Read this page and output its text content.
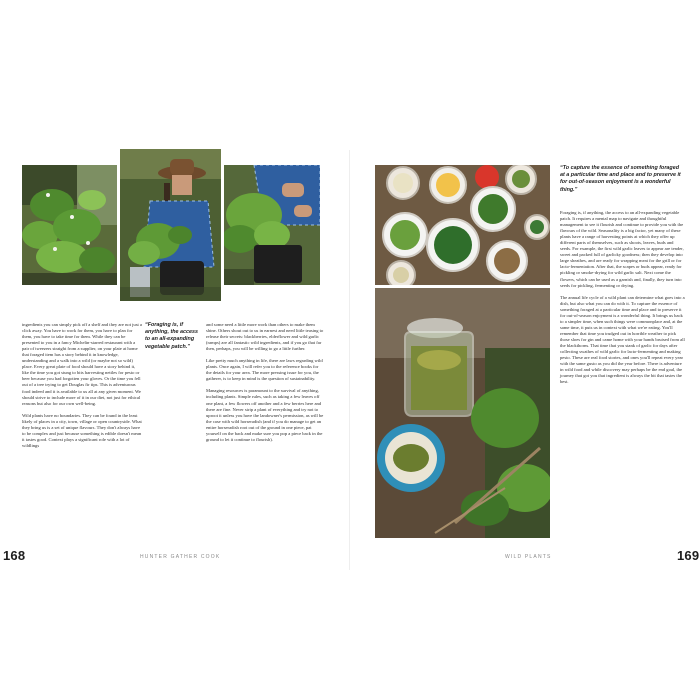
ingredients you can simply pick off a shelf and they are not just a click away. You have to work for them, you have to plan for them, you have to take time for them. While they can be presented to you in a fancy Michelin-starred restaurant with a pair of tweezers straight from a supplier, on your plate at home that foraged item has a story behind it in knowledge, understanding and a walk into a wild (or maybe not so wild) place. Every great plate of food should have a story behind it, like the time you got stung to bits harvesting nettles for pesto or beer because you had forgotten your gloves. Or the time you fell out of a tree trying to get Douglas fir tips. This is adventurous food indeed and it is available to us all at any given moment. We should strive to include more of it in our diet, not just for ethical reasons but also for our own well-being.

Wild plants have no boundaries. They can be found in the least likely of places in a city, town, village or open countryside. What they bring us is a set of unique flavours. They don't always have to be complex and just because something is edible doesn't mean it tastes good. Context plays a significant role with a lot of wildlings

“Foraging is, if anything, the access to an all-expanding vegetable patch.”

and some need a little more work than others to make them shine. Others shout out to us in earnest and need little teasing to release their secrets: blackberries, elderflower and wild garlic (ramps) are all fantastic wild ingredients, and if you go that far then, perhaps, you will be willing to go a little further.

Like pretty much anything in life, there are laws regarding wild plants. Once again, I will refer you to the reference books for the details for your area. The more pressing issue for you, the gatherer, is to keep in mind is the question of sustainability.

Managing resources is paramount to the survival of anything, including plants. Simple rules, such as taking a few leaves off one plant, a few flowers off another and a few berries here and there are fine. Never strip a plant of everything and try not to uproot it unless you have the landowner's permission, as will be the case with wild horseradish (and if you do manage to get an entire horseradish root out of the ground in one piece, pat yourself on the back and make sure you pop a piece back in the ground to let it continue to flourish).

168	HUNTER GATHER COOK
“To capture the essence of something foraged at a particular time and place and to preserve it for out-of-season enjoyment is a wonderful thing.”

Foraging is, if anything, the access to an all-expanding vegetable patch. It requires a mental map to navigate and thoughtful management to see it flourish and continue to provide you with the flavours of the wild. Seasonality is a big factor, yet many of these plants have a range of harvesting points at which they offer up different parts of themselves, such as shoots, leaves, buds and seeds. For example, the first wild garlic leaves to appear are tender, sweet and packed full of garlicky goodness; then they develop into large sheathes, and are ready for wrapping meat for the grill or for lacto-fermentation. After that, the scapes or buds appear, ready for pickling or smoke-drying for wild garlic salt. Next come the flowers, which can be used as a garnish and, finally, they turn into seeds for pickling, fermenting or drying.

The annual life cycle of a wild plant can determine what goes into a dish, but also what you can do with it. To capture the essence of something foraged at a particular time and place and to preserve it for out-of-season enjoyment is a wonderful thing. It brings us back to a simpler time, when such things were commonplace and, at the same time, it puts us in context with what we're eating. You'll remember that time you trudged out in horrible weather to pick those sloes for gin and came home with your hands bruised from all the blackthorns. That time that you stank of garlic for days after collecting swathes of wild garlic for lacto-fermenting and making pesto. These are real food stories, and ones you'll repeat every year with the same gusto as you did the year before. There is adventure in wild food and while discovery may perhaps be the end goal, the journey that got you that ingredient is always the bit that tastes the best.

WILD PLANTS	169
